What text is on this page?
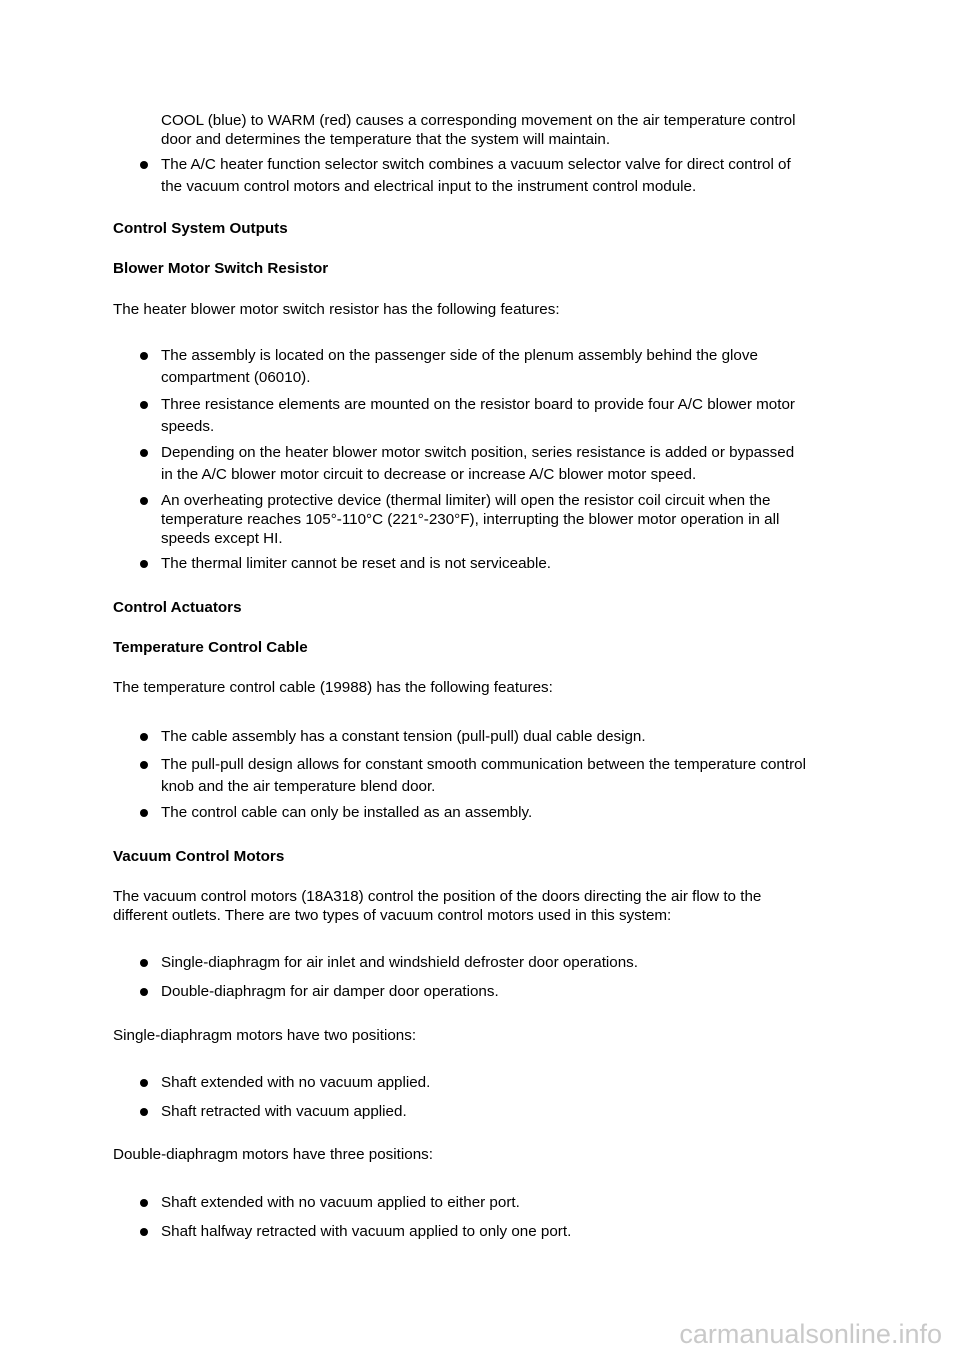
COOL (blue) to WARM (red) causes a corresponding movement on the air temperature control
door and determines the temperature that the system will maintain.
The A/C heater function selector switch combines a vacuum selector valve for direct control of
the vacuum control motors and electrical input to the instrument control module.
Control System Outputs
Blower Motor Switch Resistor
The heater blower motor switch resistor has the following features:
The assembly is located on the passenger side of the plenum assembly behind the glove
compartment (06010).
Three resistance elements are mounted on the resistor board to provide four A/C blower motor
speeds.
Depending on the heater blower motor switch position, series resistance is added or bypassed
in the A/C blower motor circuit to decrease or increase A/C blower motor speed.
An overheating protective device (thermal limiter) will open the resistor coil circuit when the
temperature reaches 105°-110°C (221°-230°F), interrupting the blower motor operation in all
speeds except HI.
The thermal limiter cannot be reset and is not serviceable.
Control Actuators
Temperature Control Cable
The temperature control cable (19988) has the following features:
The cable assembly has a constant tension (pull-pull) dual cable design.
The pull-pull design allows for constant smooth communication between the temperature control
knob and the air temperature blend door.
The control cable can only be installed as an assembly.
Vacuum Control Motors
The vacuum control motors (18A318) control the position of the doors directing the air flow to the
different outlets. There are two types of vacuum control motors used in this system:
Single-diaphragm for air inlet and windshield defroster door operations.
Double-diaphragm for air damper door operations.
Single-diaphragm motors have two positions:
Shaft extended with no vacuum applied.
Shaft retracted with vacuum applied.
Double-diaphragm motors have three positions:
Shaft extended with no vacuum applied to either port.
Shaft halfway retracted with vacuum applied to only one port.
carmanualsonline.info
